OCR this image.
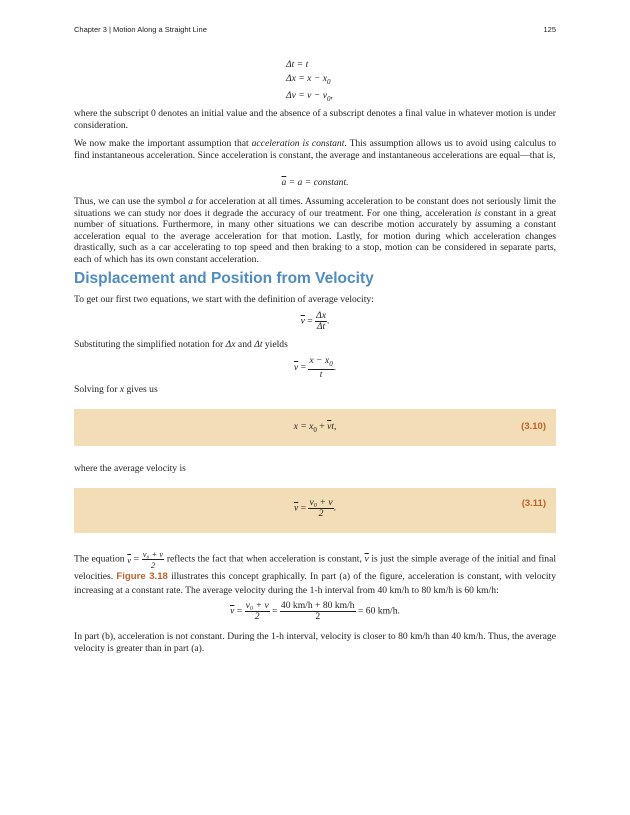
Chapter 3 | Motion Along a Straight Line	125
Δt = t
$\Delta x = x - x_0$
$\Delta v = v - v_0$,

where the subscript 0 denotes an initial value and the absence of a subscript denotes a final value in whatever motion is under consideration.

We now make the important assumption that acceleration is constant. This assumption allows us to avoid using calculus to find instantaneous acceleration. Since acceleration is constant, the average and instantaneous accelerations are equal—that is,

$\overline{a} = a$ = constant.

Thus, we can use the symbol a for acceleration at all times. Assuming acceleration to be constant does not seriously limit the situations we can study nor does it degrade the accuracy of our treatment. For one thing, acceleration is constant in a great number of situations. Furthermore, in many other situations we can describe motion accurately by assuming a constant acceleration equal to the average acceleration for that motion. Lastly, for motion during which acceleration changes drastically, such as a car accelerating to top speed and then braking to a stop, motion can be considered in separate parts, each of which has its own constant acceleration.

Displacement and Position from Velocity

To get our first two equations, we start with the definition of average velocity:

$\overline{v} = \frac{\Delta x}{\Delta t}$ .

Substituting the simplified notation for Δx and Δt yields

$\overline{v} = \frac{x - x_0}{t}$ .

Solving for x gives us

$x = x_0 + \overline{v}t$,	(3.10)

where the average velocity is

$\overline{v} = \frac{\text{v₀ + v}}{2}$ .	(3.11)

The equation $\overline{v} = \frac{\text{v₀ + v}}{2}$ reflects the fact that when acceleration is constant, $\overline{v}$ is just the simple average of the initial and final velocities. Figure 3.18 illustrates this concept graphically. In part (a) of the figure, acceleration is constant, with velocity increasing at a constant rate. The average velocity during the 1-h interval from 40 km/h to 80 km/h is 60 km/h:

$\overline{v} = \frac{\text{v₀ + v}}{2} = \frac{40 km/h + 80 km/h}{2} = 60$ km/h.

In part (b), acceleration is not constant. During the 1-h interval, velocity is closer to 80 km/h than 40 km/h. Thus, the average velocity is greater than in part (a).
